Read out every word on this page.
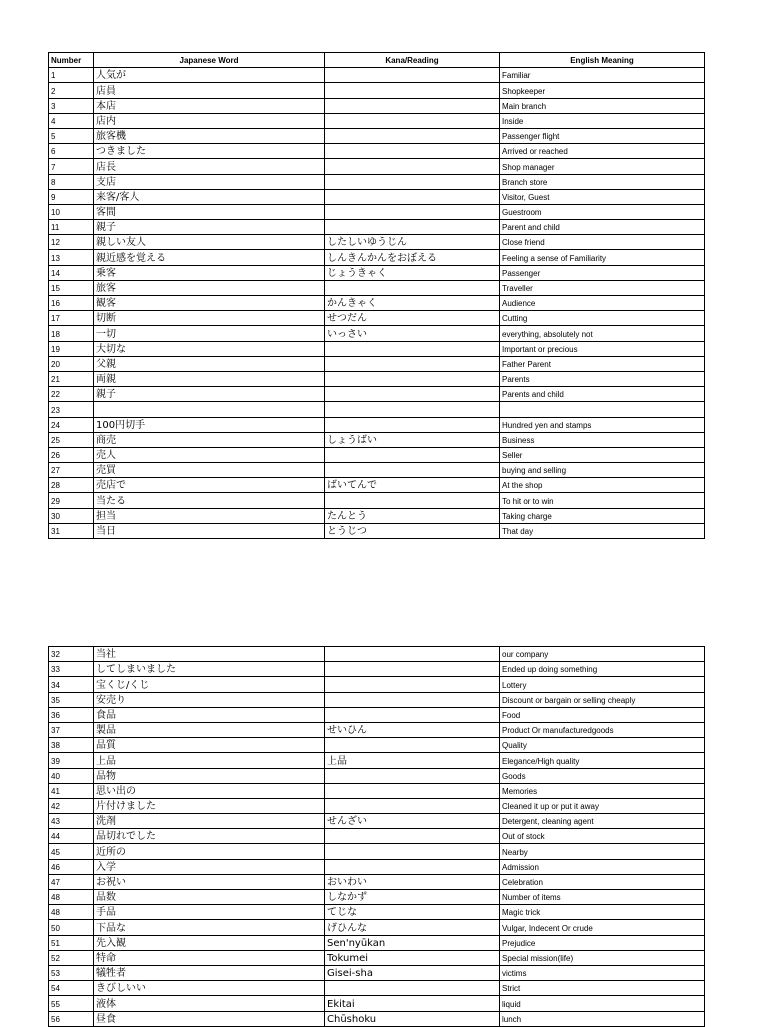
Number	Japanese Word	Kana/Reading	English Meaning
1	人気が		Familiar
2	店員		Shopkeeper
3	本店		Main branch
4	店内		Inside
5	旅客機		Passenger flight
6	つきました		Arrived or reached
7	店長		Shop manager
8	支店		Branch store
9	来客/客人		Visitor, Guest
10	客間		Guestroom
11	親子		Parent and child
12	親しい友人	したしいゆうじん	Close friend
13	親近感を覚える	しんきんかんをおぼえる	Feeling a sense of Familiarity
14	乗客	じょうきゃく	Passenger
15	旅客		Traveller
16	観客	かんきゃく	Audience
17	切断	せつだん	Cutting
18	一切	いっさい	everything, absolutely not
19	大切な		Important or precious
20	父親		Father Parent
21	両親		Parents
22	親子		Parents and child
23			
24	100円切手		Hundred yen and stamps
25	商売	しょうばい	Business
26	売人		Seller
27	売買		buying and selling
28	売店で	ばいてんで	At the shop
29	当たる		To hit or to win
30	担当	たんとう	Taking charge
31	当日	とうじつ	That day
32	当社		our company
33	してしまいました		Ended up doing something
34	宝くじ/くじ		Lottery
35	安売り		Discount or bargain or selling cheaply
36	食品		Food
37	製品	せいひん	Product Or manufacturedgoods
38	品質		Quality
39	上品	上品	Elegance/High quality
40	品物		Goods
41	思い出の		Memories
42	片付けました		Cleaned it up or put it away
43	洗剤	せんざい	Detergent, cleaning agent
44	品切れでした		Out of stock
45	近所の		Nearby
46	入学		Admission
47	お祝い	おいわい	Celebration
48	品数	しなかず	Number of items
48	手品	てじな	Magic trick
50	下品な	げひんな	Vulgar, Indecent Or crude
51	先入観	Sen'nyūkan	Prejudice
52	特命	Tokumei	Special mission(life)
53	犠牲者	Gisei-sha	victims
54	きびしいい		Strict
55	液体	Ekitai	liquid
56	昼食	Chūshoku	lunch
